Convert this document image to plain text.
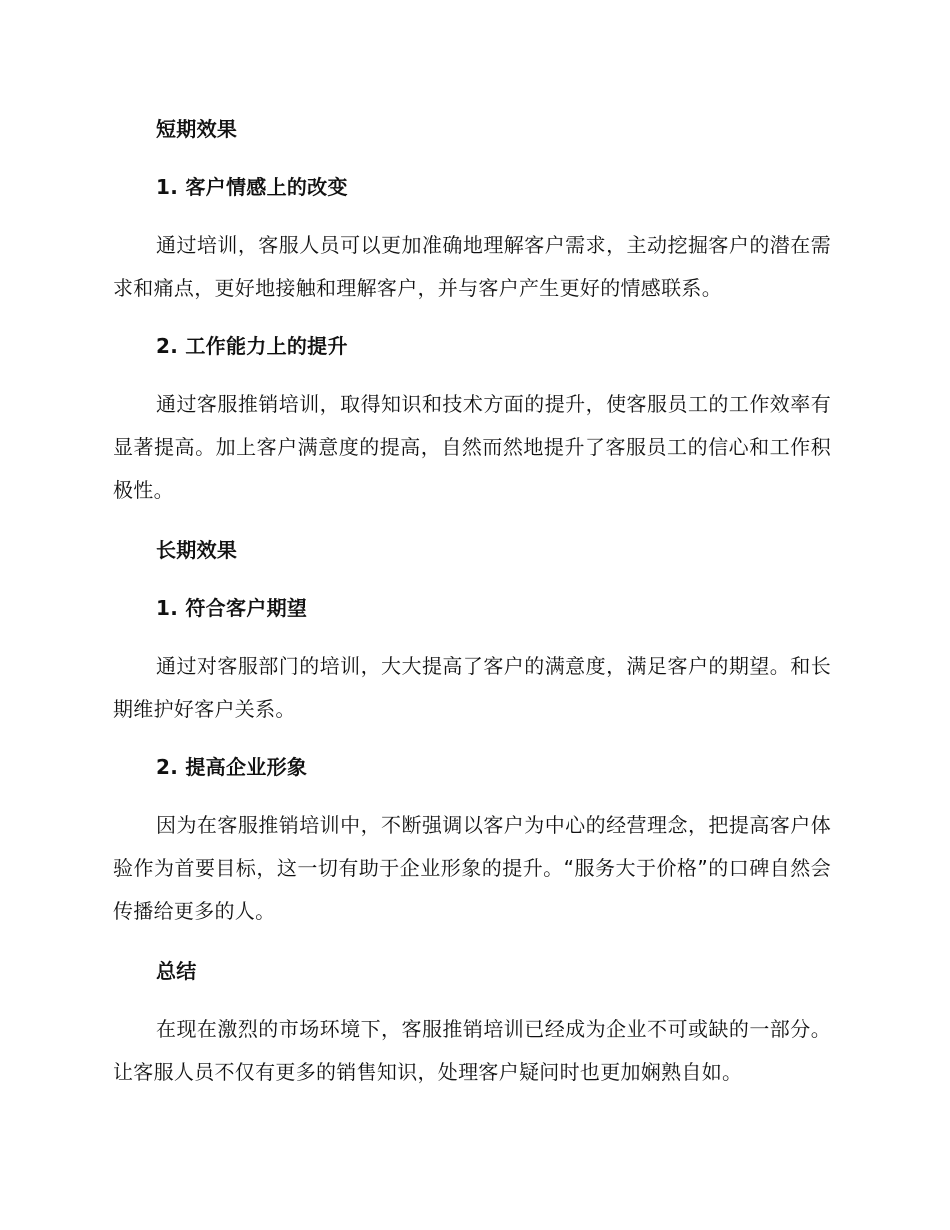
短期效果
1. 客户情感上的改变
通过培训，客服人员可以更加准确地理解客户需求，主动挖掘客户的潜在需求和痛点，更好地接触和理解客户，并与客户产生更好的情感联系。
2. 工作能力上的提升
通过客服推销培训，取得知识和技术方面的提升，使客服员工的工作效率有显著提高。加上客户满意度的提高，自然而然地提升了客服员工的信心和工作积极性。
长期效果
1. 符合客户期望
通过对客服部门的培训，大大提高了客户的满意度，满足客户的期望。和长期维护好客户关系。
2. 提高企业形象
因为在客服推销培训中，不断强调以客户为中心的经营理念，把提高客户体验作为首要目标，这一切有助于企业形象的提升。“服务大于价格”的口碑自然会传播给更多的人。
总结
在现在激烈的市场环境下，客服推销培训已经成为企业不可或缺的一部分。让客服人员不仅有更多的销售知识，处理客户疑问时也更加娴熟自如。
